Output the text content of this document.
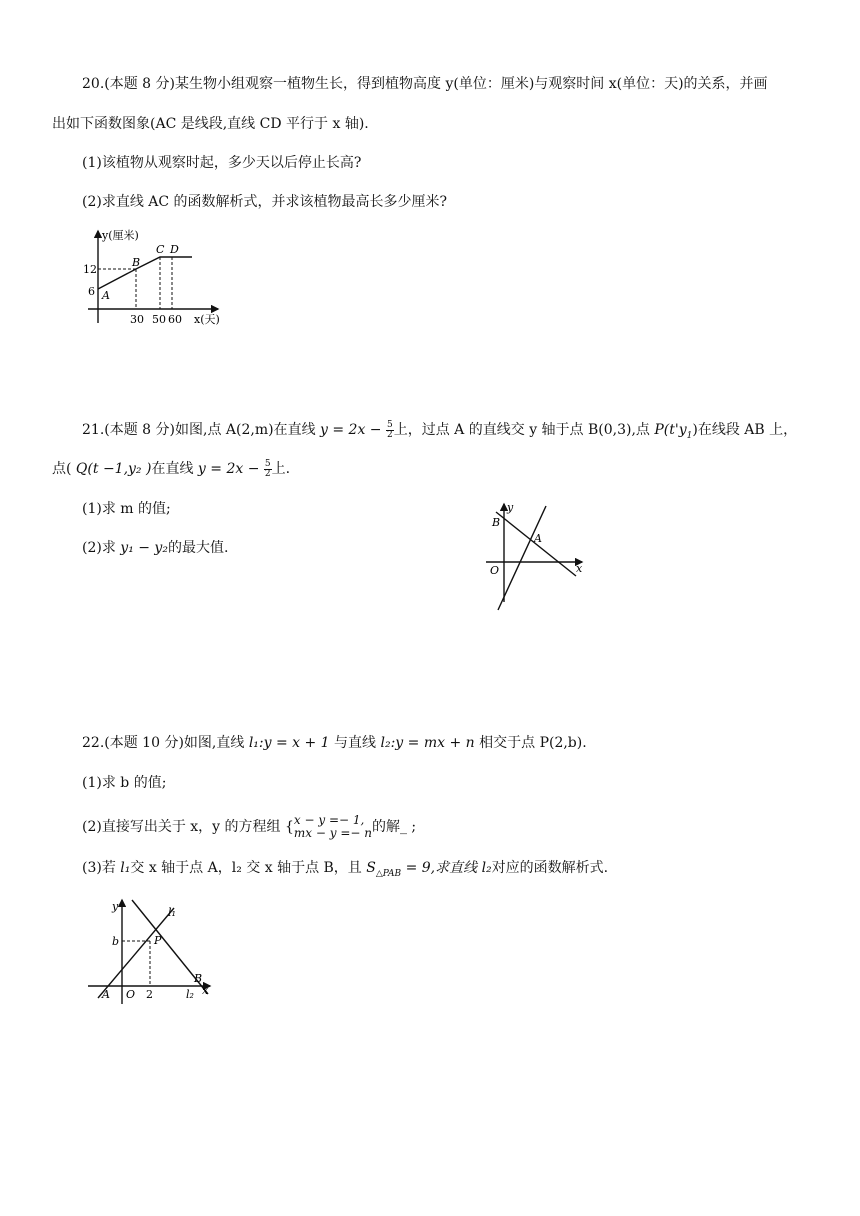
20.(本题 8 分)某生物小组观察一植物生长，得到植物高度 y(单位：厘米)与观察时间 x(单位：天)的关系，并画
出如下函数图象(AC 是线段,直线 CD 平行于 x 轴).
(1)该植物从观察时起，多少天以后停止长高?
(2)求直线 AC 的函数解析式，并求该植物最高长多少厘米?
y(厘米)
x(天)
12
6
30 50 60
A
B
C D
21.(本题 8 分)如图,点 A(2,m)在直线 $y = 2x - \frac{5}{2}$ 上，过点 A 的直线交 y 轴于点 B(0,3),点 $P(t'y_1)$在线段 AB 上，
点( Q(t −1,y₂ )在直线 $y = 2x - \frac{5}{2}$ 上.
(1)求 m 的值;
(2)求 y₁ − y₂的最大值.
B
y
A
O	x
22.(本题 10 分)如图,直线 l₁:y = x + 1 与直线 l₂:y = mx + n 相交于点 P(2,b).
(1)求 b 的值;
(2)直接写出关于 x，y 的方程组 { x − y =− 1,
mx − y =− n 的解_ ;
(3)若 l₁交 x 轴于点 A，l₂ 交 x 轴于点 B，且 $S_{\triangle PAB} = 9$,求直线 l₂对应的函数解析式.
y	l₁
b	P
B
A O 2	l₂ x
